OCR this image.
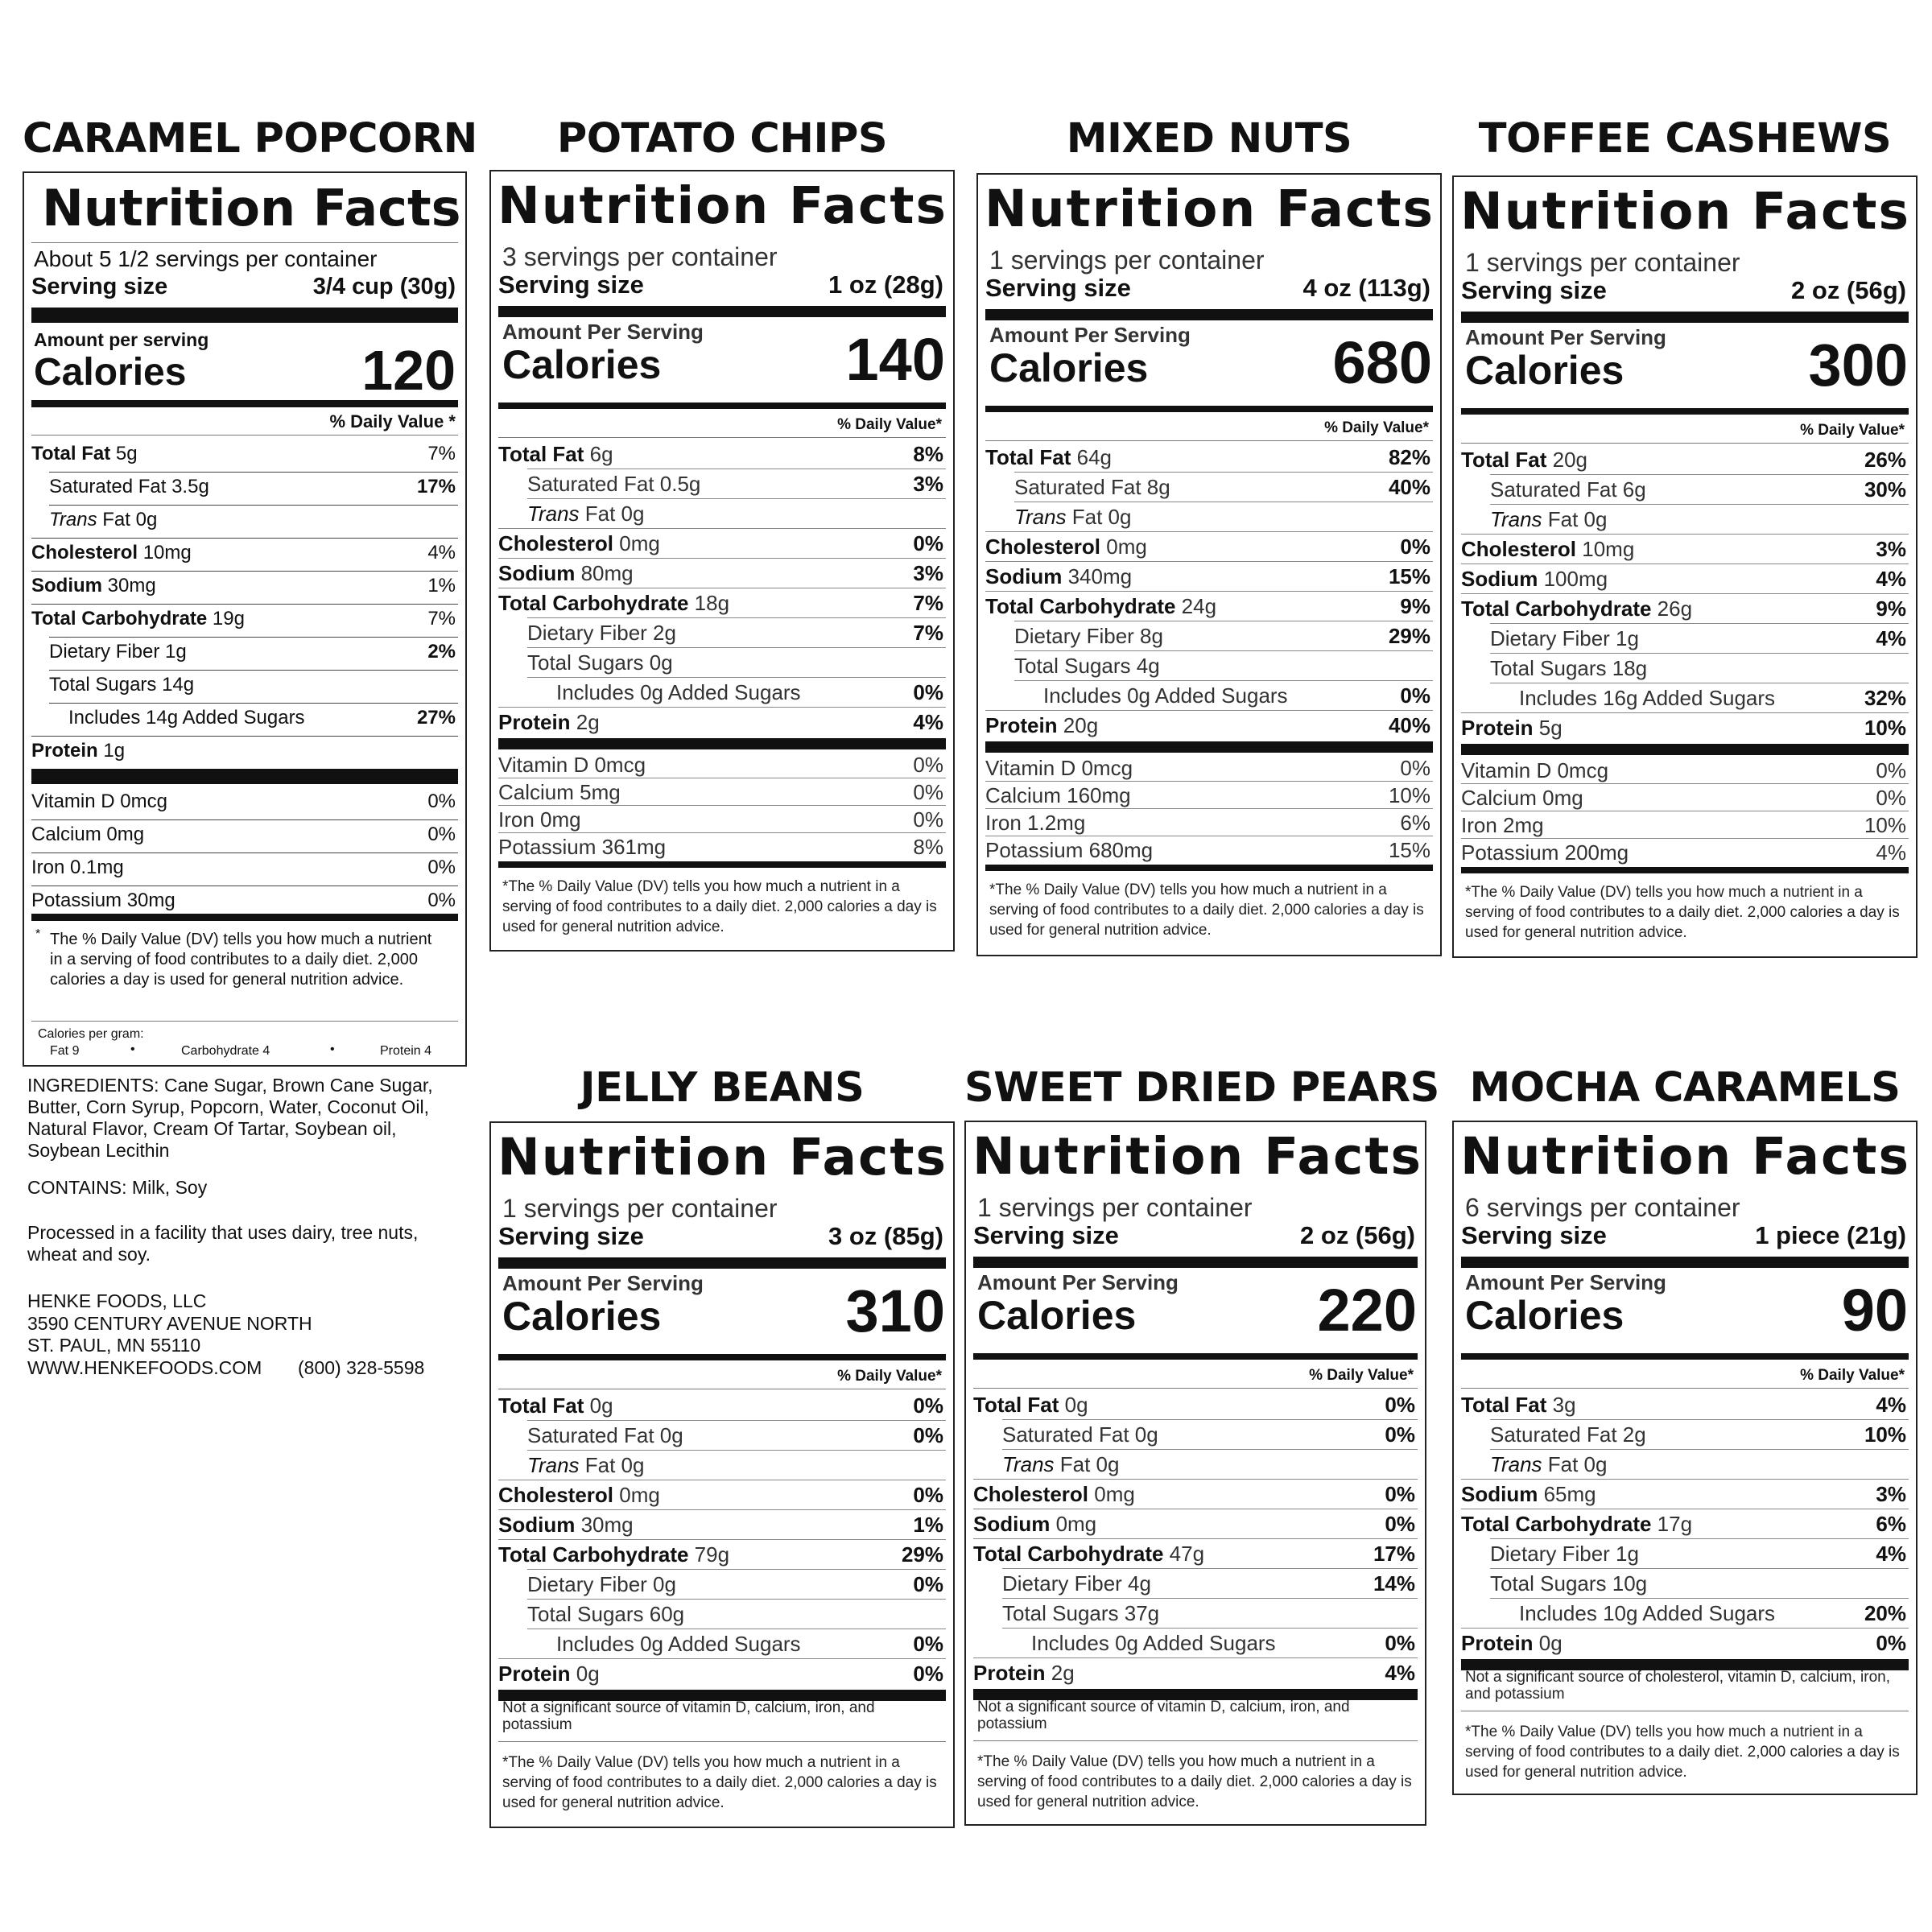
CARAMEL POPCORN
Nutrition Facts
About 5 1/2 servings per container
Serving size	3/4 cup (30g)
Amount per serving
Calories	120
% Daily Value *
Total Fat 5g	7%
Saturated Fat 3.5g	17%
Trans Fat 0g
Cholesterol 10mg	4%
Sodium 30mg	1%
Total Carbohydrate 19g	7%
Dietary Fiber 1g	2%
Total Sugars 14g
Includes 14g Added Sugars	27%
Protein 1g
Vitamin D 0mcg	0%
Calcium 0mg	0%
Iron 0.1mg	0%
Potassium 30mg	0%
* The % Daily Value (DV) tells you how much a nutrient in a serving of food contributes to a daily diet. 2,000 calories a day is used for general nutrition advice.
Calories per gram:
Fat 9	•	Carbohydrate 4	•	Protein 4
INGREDIENTS: Cane Sugar, Brown Cane Sugar, Butter, Corn Syrup, Popcorn, Water, Coconut Oil, Natural Flavor, Cream Of Tartar, Soybean oil, Soybean Lecithin
CONTAINS: Milk, Soy
Processed in a facility that uses dairy, tree nuts, wheat and soy.
HENKE FOODS, LLC
3590 CENTURY AVENUE NORTH
ST. PAUL, MN 55110
WWW.HENKEFOODS.COM (800) 328-5598
POTATO CHIPS
Nutrition Facts
3 servings per container
Serving size	1 oz (28g)
Amount Per Serving
Calories	140
% Daily Value*
Total Fat 6g	8%
Saturated Fat 0.5g	3%
Trans Fat 0g
Cholesterol 0mg	0%
Sodium 80mg	3%
Total Carbohydrate 18g	7%
Dietary Fiber 2g	7%
Total Sugars 0g
Includes 0g Added Sugars	0%
Protein 2g	4%
Vitamin D 0mcg	0%
Calcium 5mg	0%
Iron 0mg	0%
Potassium 361mg	8%
*The % Daily Value (DV) tells you how much a nutrient in a serving of food contributes to a daily diet. 2,000 calories a day is used for general nutrition advice.
MIXED NUTS
Nutrition Facts
1 servings per container
Serving size	4 oz (113g)
Amount Per Serving
Calories	680
% Daily Value*
Total Fat 64g	82%
Saturated Fat 8g	40%
Trans Fat 0g
Cholesterol 0mg	0%
Sodium 340mg	15%
Total Carbohydrate 24g	9%
Dietary Fiber 8g	29%
Total Sugars 4g
Includes 0g Added Sugars	0%
Protein 20g	40%
Vitamin D 0mcg	0%
Calcium 160mg	10%
Iron 1.2mg	6%
Potassium 680mg	15%
*The % Daily Value (DV) tells you how much a nutrient in a serving of food contributes to a daily diet. 2,000 calories a day is used for general nutrition advice.
TOFFEE CASHEWS
Nutrition Facts
1 servings per container
Serving size	2 oz (56g)
Amount Per Serving
Calories	300
% Daily Value*
Total Fat 20g	26%
Saturated Fat 6g	30%
Trans Fat 0g
Cholesterol 10mg	3%
Sodium 100mg	4%
Total Carbohydrate 26g	9%
Dietary Fiber 1g	4%
Total Sugars 18g
Includes 16g Added Sugars	32%
Protein 5g	10%
Vitamin D 0mcg	0%
Calcium 0mg	0%
Iron 2mg	10%
Potassium 200mg	4%
*The % Daily Value (DV) tells you how much a nutrient in a serving of food contributes to a daily diet. 2,000 calories a day is used for general nutrition advice.
JELLY BEANS
Nutrition Facts
1 servings per container
Serving size	3 oz (85g)
Amount Per Serving
Calories	310
% Daily Value*
Total Fat 0g	0%
Saturated Fat 0g	0%
Trans Fat 0g
Cholesterol 0mg	0%
Sodium 30mg	1%
Total Carbohydrate 79g	29%
Dietary Fiber 0g	0%
Total Sugars 60g
Includes 0g Added Sugars	0%
Protein 0g	0%
Not a significant source of vitamin D, calcium, iron, and potassium
*The % Daily Value (DV) tells you how much a nutrient in a serving of food contributes to a daily diet. 2,000 calories a day is used for general nutrition advice.
SWEET DRIED PEARS
Nutrition Facts
1 servings per container
Serving size	2 oz (56g)
Amount Per Serving
Calories	220
% Daily Value*
Total Fat 0g	0%
Saturated Fat 0g	0%
Trans Fat 0g
Cholesterol 0mg	0%
Sodium 0mg	0%
Total Carbohydrate 47g	17%
Dietary Fiber 4g	14%
Total Sugars 37g
Includes 0g Added Sugars	0%
Protein 2g	4%
Not a significant source of vitamin D, calcium, iron, and potassium
*The % Daily Value (DV) tells you how much a nutrient in a serving of food contributes to a daily diet. 2,000 calories a day is used for general nutrition advice.
MOCHA CARAMELS
Nutrition Facts
6 servings per container
Serving size	1 piece (21g)
Amount Per Serving
Calories	90
% Daily Value*
Total Fat 3g	4%
Saturated Fat 2g	10%
Trans Fat 0g
Sodium 65mg	3%
Total Carbohydrate 17g	6%
Dietary Fiber 1g	4%
Total Sugars 10g
Includes 10g Added Sugars	20%
Protein 0g	0%
Not a significant source of cholesterol, vitamin D, calcium, iron, and potassium
*The % Daily Value (DV) tells you how much a nutrient in a serving of food contributes to a daily diet. 2,000 calories a day is used for general nutrition advice.
